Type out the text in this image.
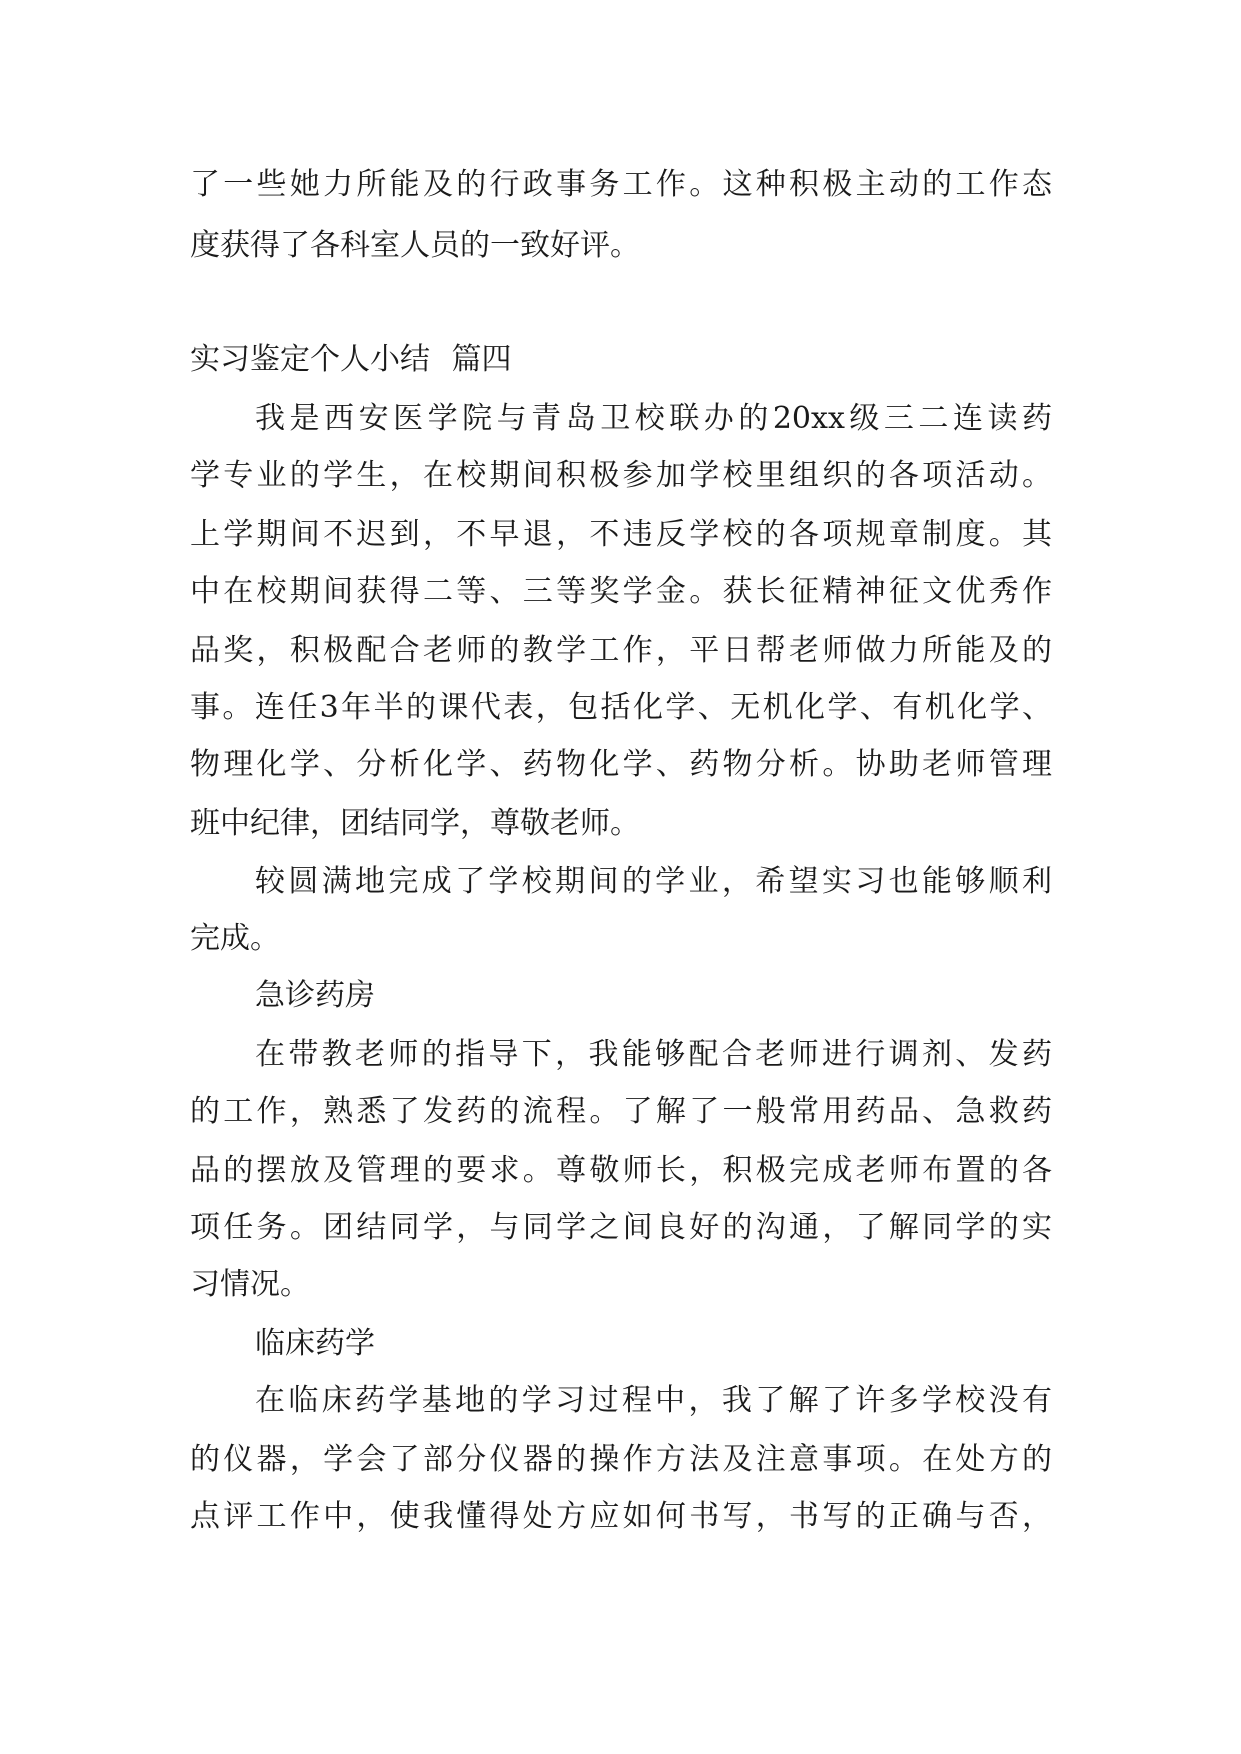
了一些她力所能及的行政事务工作。这种积极主动的工作态
度获得了各科室人员的一致好评。
实习鉴定个人小结 篇四
我是西安医学院与青岛卫校联办的20xx级三二连读药
学专业的学生，在校期间积极参加学校里组织的各项活动。
上学期间不迟到，不早退，不违反学校的各项规章制度。其
中在校期间获得二等、三等奖学金。获长征精神征文优秀作
品奖，积极配合老师的教学工作，平日帮老师做力所能及的
事。连任3年半的课代表，包括化学、无机化学、有机化学、
物理化学、分析化学、药物化学、药物分析。协助老师管理
班中纪律，团结同学，尊敬老师。
较圆满地完成了学校期间的学业，希望实习也能够顺利
完成。
急诊药房
在带教老师的指导下，我能够配合老师进行调剂、发药
的工作，熟悉了发药的流程。了解了一般常用药品、急救药
品的摆放及管理的要求。尊敬师长，积极完成老师布置的各
项任务。团结同学，与同学之间良好的沟通，了解同学的实
习情况。
临床药学
在临床药学基地的学习过程中，我了解了许多学校没有
的仪器，学会了部分仪器的操作方法及注意事项。在处方的
点评工作中，使我懂得处方应如何书写，书写的正确与否，
